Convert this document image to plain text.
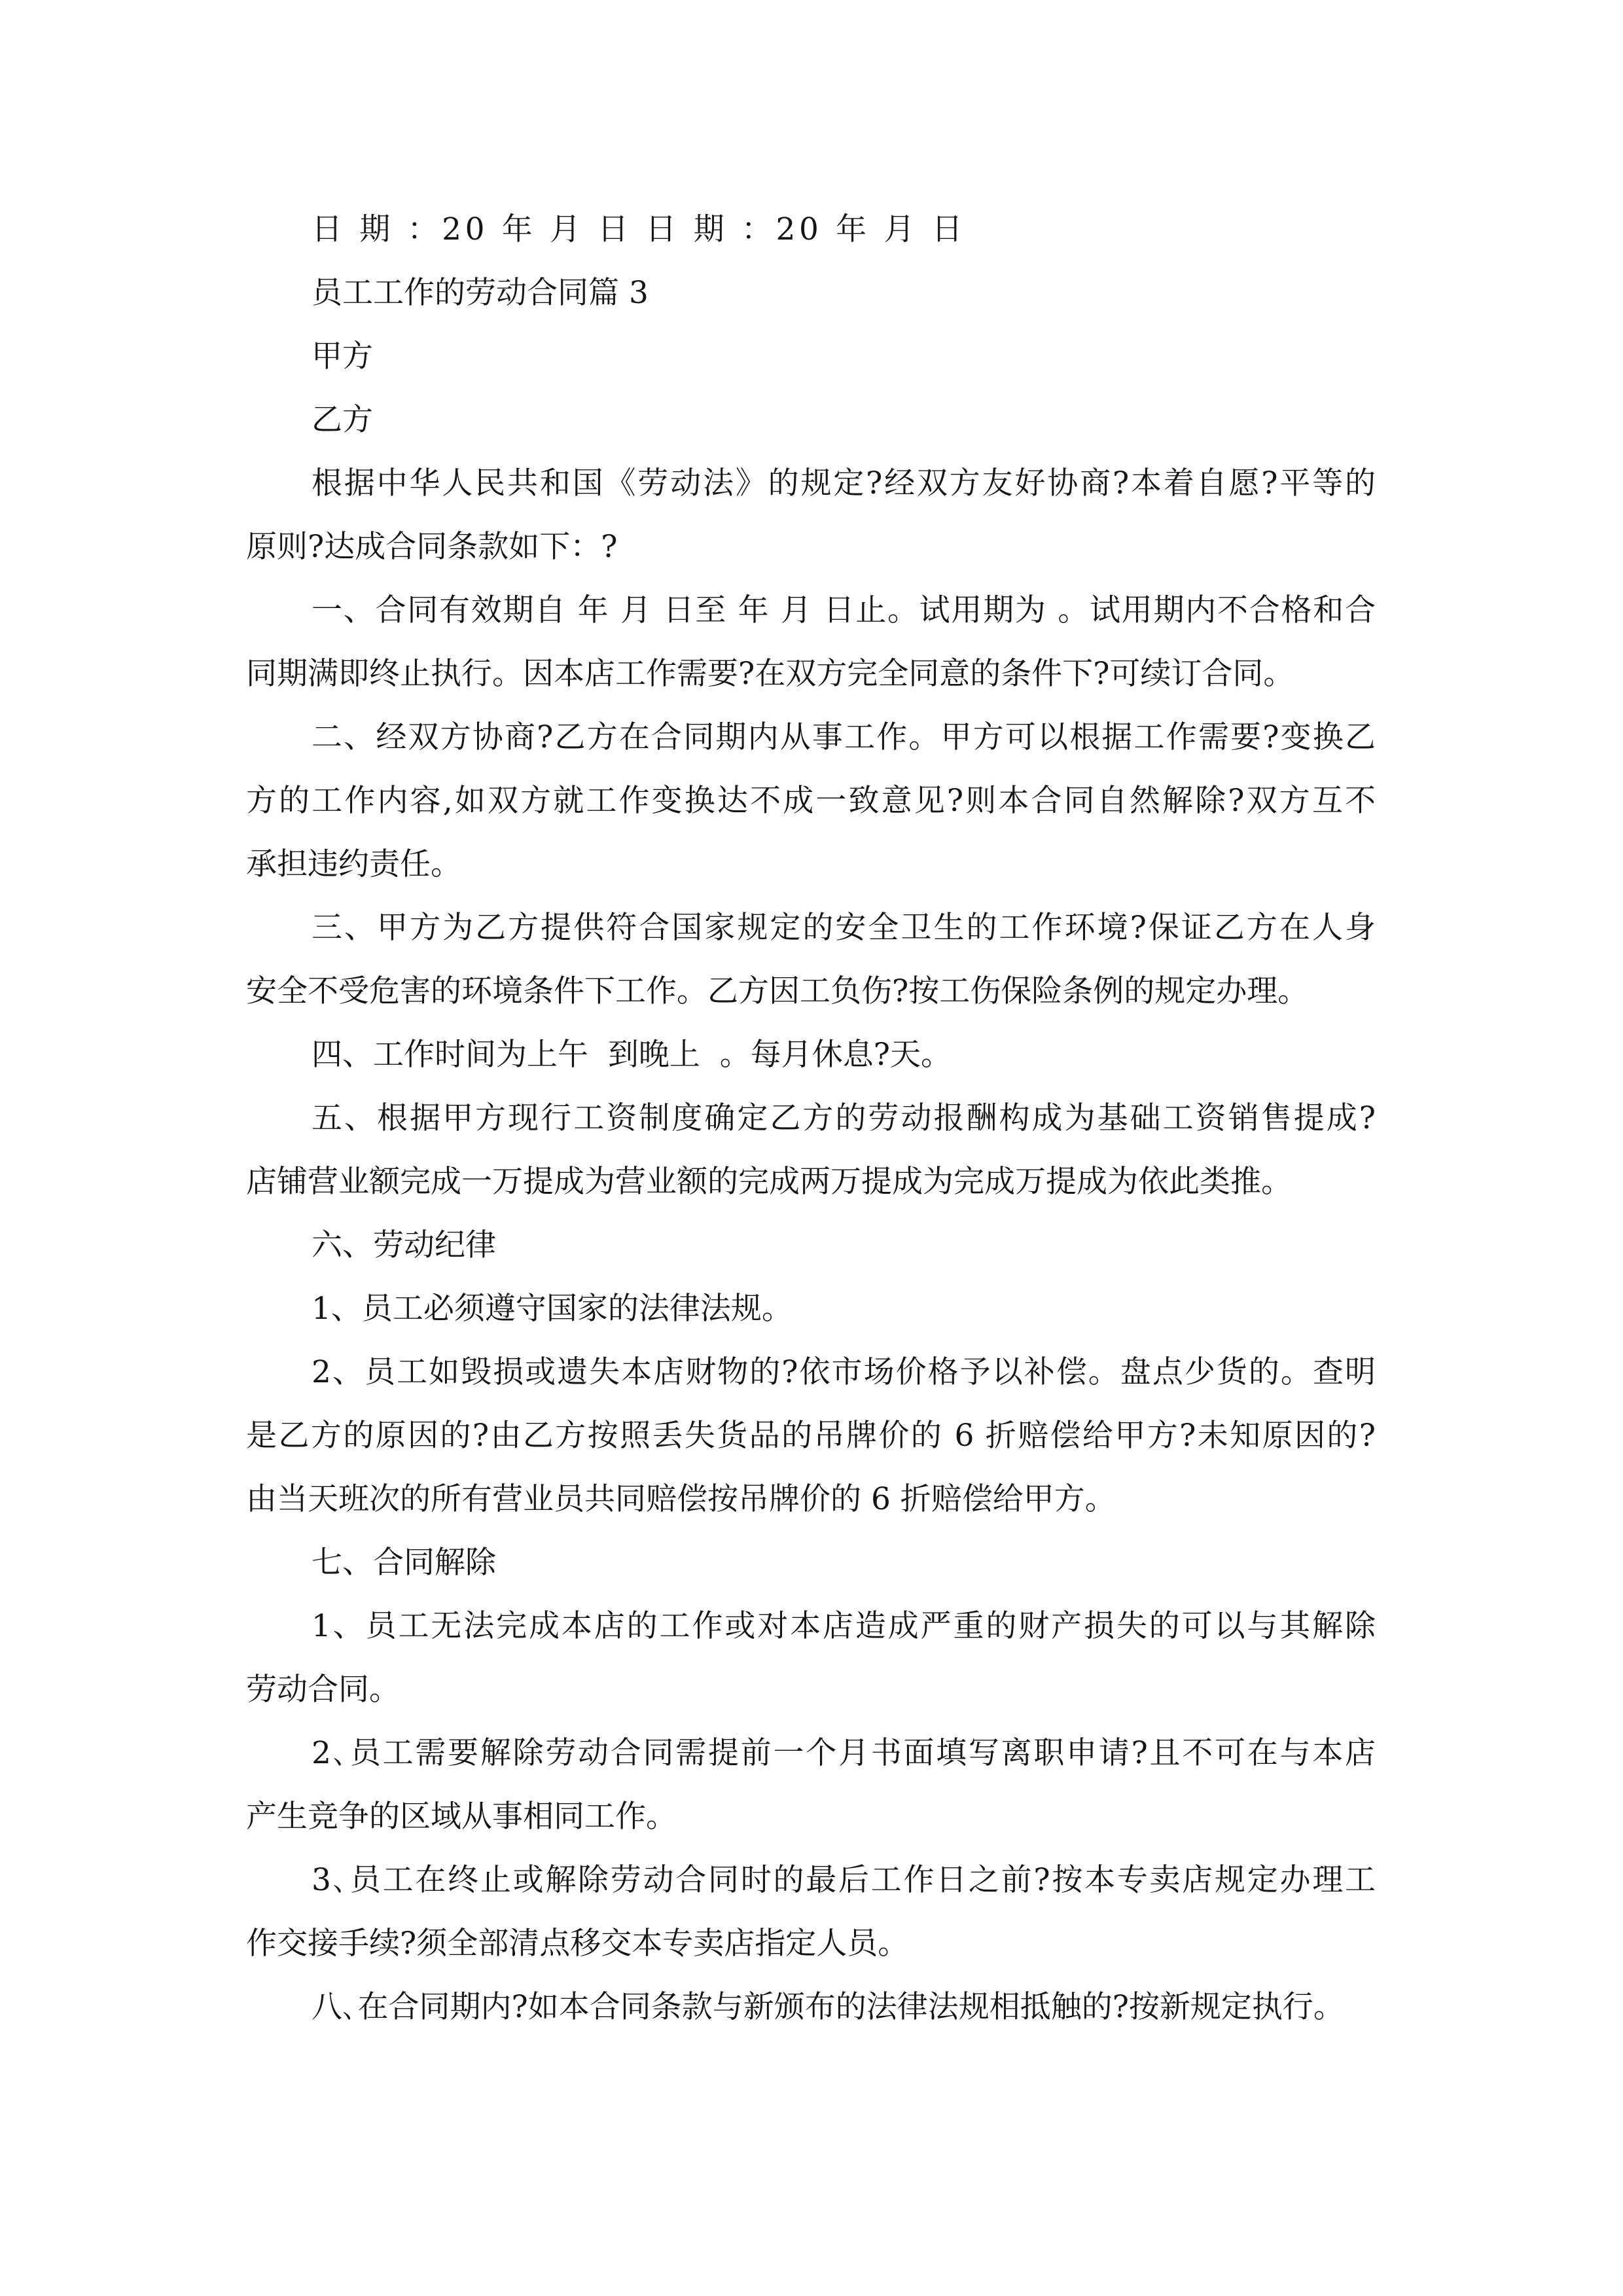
日 期 ：20 年 月 日 日 期 ：20 年 月 日
员工工作的劳动合同篇 3
甲方
乙方
根据中华人民共和国《劳动法》的规定?经双方友好协商?本着自愿?平等的
原则?达成合同条款如下：?
一、合同有效期自 年 月 日至 年 月 日止。试用期为 。试用期内不合格和合
同期满即终止执行。因本店工作需要?在双方完全同意的条件下?可续订合同。
二、经双方协商?乙方在合同期内从事工作。甲方可以根据工作需要?变换乙
方的工作内容,如双方就工作变换达不成一致意见?则本合同自然解除?双方互不
承担违约责任。
三、甲方为乙方提供符合国家规定的安全卫生的工作环境?保证乙方在人身
安全不受危害的环境条件下工作。乙方因工负伤?按工伤保险条例的规定办理。
四、工作时间为上午  到晚上  。每月休息?天。
五、根据甲方现行工资制度确定乙方的劳动报酬构成为基础工资销售提成?
店铺营业额完成一万提成为营业额的完成两万提成为完成万提成为依此类推。
六、劳动纪律
1、员工必须遵守国家的法律法规。
2、员工如毁损或遗失本店财物的?依市场价格予以补偿。盘点少货的。查明
是乙方的原因的?由乙方按照丢失货品的吊牌价的 6 折赔偿给甲方?未知原因的?
由当天班次的所有营业员共同赔偿按吊牌价的 6 折赔偿给甲方。
七、合同解除
1、员工无法完成本店的工作或对本店造成严重的财产损失的可以与其解除
劳动合同。
2､员工需要解除劳动合同需提前一个月书面填写离职申请?且不可在与本店
产生竞争的区域从事相同工作。
3､员工在终止或解除劳动合同时的最后工作日之前?按本专卖店规定办理工
作交接手续?须全部清点移交本专卖店指定人员。
八､在合同期内?如本合同条款与新颁布的法律法规相抵触的?按新规定执行。
